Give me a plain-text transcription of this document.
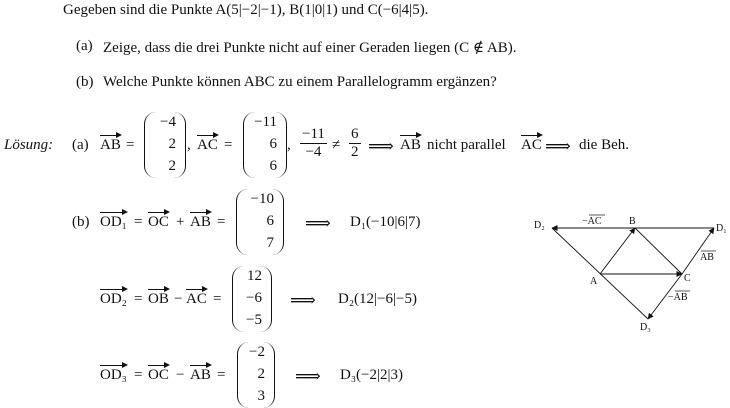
Gegeben sind die Punkte A(5|−2|−1), B(1|0|1) und C(−6|4|5).
(a) Zeige, dass die drei Punkte nicht auf einer Geraden liegen (C ∉ AB).
(b) Welche Punkte können ABC zu einem Parallelogramm ergänzen?
Lösung: (a) AB =
−4
2
2
, AC =
−11
6
6
, $\frac{-11}{-4} \ne \frac{6}{2}$ ⟹ AB nicht parallel AC ⟹ die Beh.
(b) OD₁ = OC + AB =
−10
6
7
⟹ D₁(−10|6|7)
OD₂ = OB − AC =
12
−6
−5
⟹ D₂(12|−6|−5)
OD₃ = OC − AB =
−2
2
3
⟹ D₃(−2|2|3)
B
A	C
D₁
D₂
D₃
−AC
AB
−AB
